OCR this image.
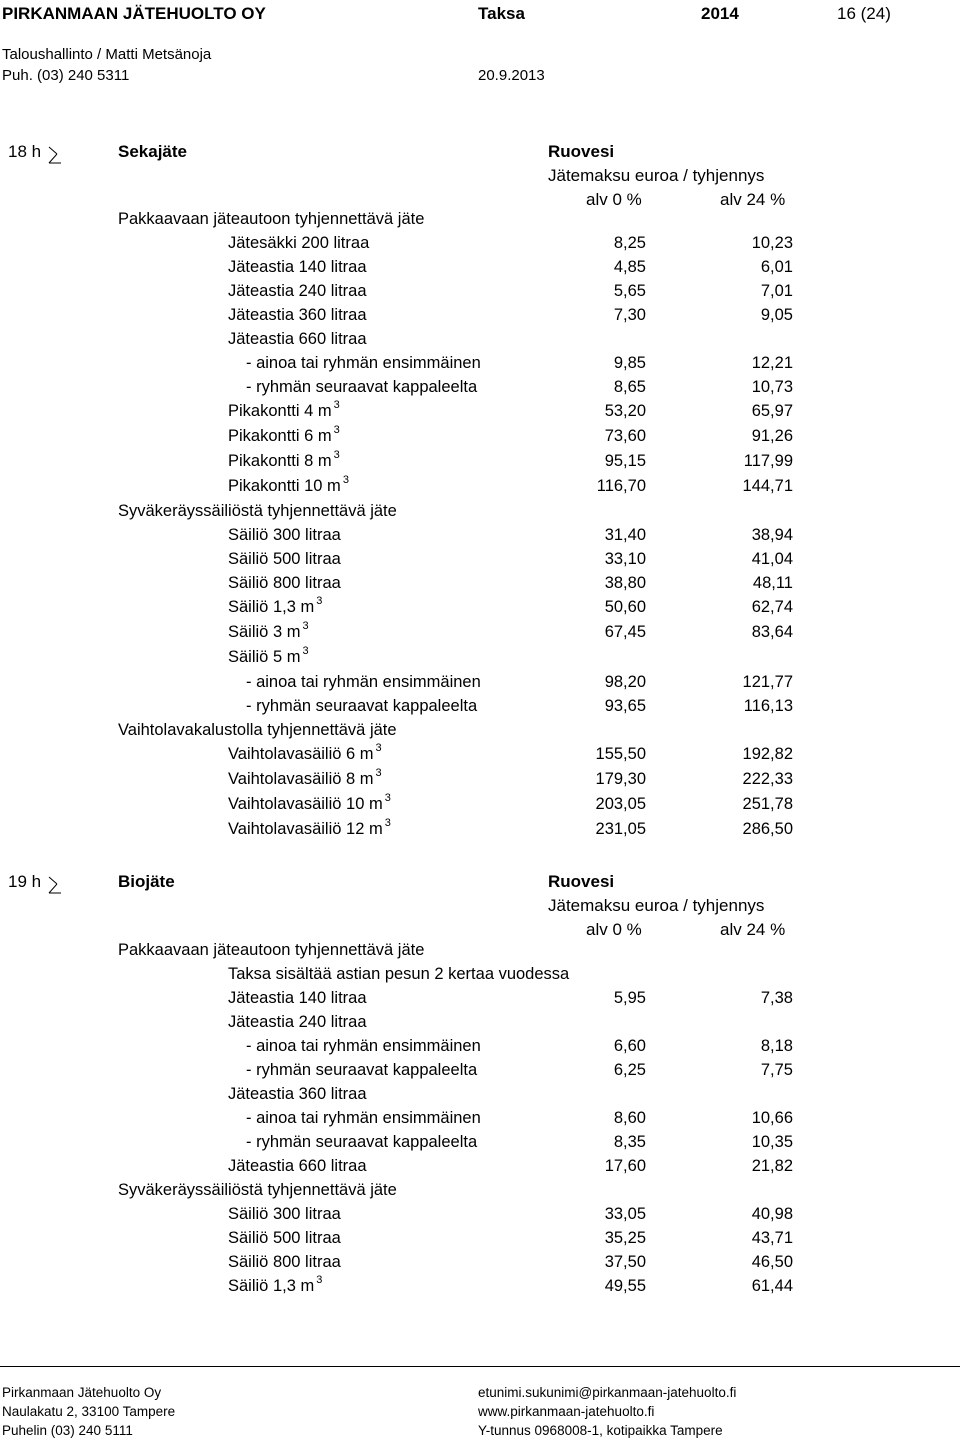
PIRKANMAAN JÄTEHUOLTO OY	Taksa	2014	16 (24)
Taloushallinto / Matti Metsänoja
Puh. (03) 240 5311	20.9.2013
18 h	Sekajäte	Ruovesi
Jätemaksu euroa / tyhjennys
alv 0 %	alv 24 %
Pakkaavaan jäteautoon tyhjennettävä jäte
Jätesäkki 200 litraa	8,25	10,23
Jäteastia 140 litraa	4,85	6,01
Jäteastia 240 litraa	5,65	7,01
Jäteastia 360 litraa	7,30	9,05
Jäteastia 660 litraa
- ainoa tai ryhmän ensimmäinen	9,85	12,21
- ryhmän seuraavat kappaleelta	8,65	10,73
Pikakontti 4 m $^3$	53,20	65,97
Pikakontti 6 m $^3$	73,60	91,26
Pikakontti 8 m $^3$	95,15	117,99
Pikakontti 10 m $^3$	116,70	144,71
Syväkeräyssäiliöstä tyhjennettävä jäte
Säiliö 300 litraa	31,40	38,94
Säiliö 500 litraa	33,10	41,04
Säiliö 800 litraa	38,80	48,11
Säiliö 1,3 m $^3$	50,60	62,74
Säiliö 3 m $^3$	67,45	83,64
Säiliö 5 m $^3$
- ainoa tai ryhmän ensimmäinen	98,20	121,77
- ryhmän seuraavat kappaleelta	93,65	116,13
Vaihtolavakalustolla tyhjennettävä jäte
Vaihtolavasäiliö 6 m $^3$	155,50	192,82
Vaihtolavasäiliö 8 m $^3$	179,30	222,33
Vaihtolavasäiliö 10 m $^3$	203,05	251,78
Vaihtolavasäiliö 12 m $^3$	231,05	286,50
19 h	Biojäte	Ruovesi
Jätemaksu euroa / tyhjennys
alv 0 %	alv 24 %
Pakkaavaan jäteautoon tyhjennettävä jäte
Taksa sisältää astian pesun 2 kertaa vuodessa
Jäteastia 140 litraa	5,95	7,38
Jäteastia 240 litraa
- ainoa tai ryhmän ensimmäinen	6,60	8,18
- ryhmän seuraavat kappaleelta	6,25	7,75
Jäteastia 360 litraa
- ainoa tai ryhmän ensimmäinen	8,60	10,66
- ryhmän seuraavat kappaleelta	8,35	10,35
Jäteastia 660 litraa	17,60	21,82
Syväkeräyssäiliöstä tyhjennettävä jäte
Säiliö 300 litraa	33,05	40,98
Säiliö 500 litraa	35,25	43,71
Säiliö 800 litraa	37,50	46,50
Säiliö 1,3 m $^3$	49,55	61,44
Pirkanmaan Jätehuolto Oy
Naulakatu 2, 33100 Tampere
Puhelin (03) 240 5111
etunimi.sukunimi@pirkanmaan-jatehuolto.fi
www.pirkanmaan-jatehuolto.fi
Y-tunnus 0968008-1, kotipaikka Tampere
